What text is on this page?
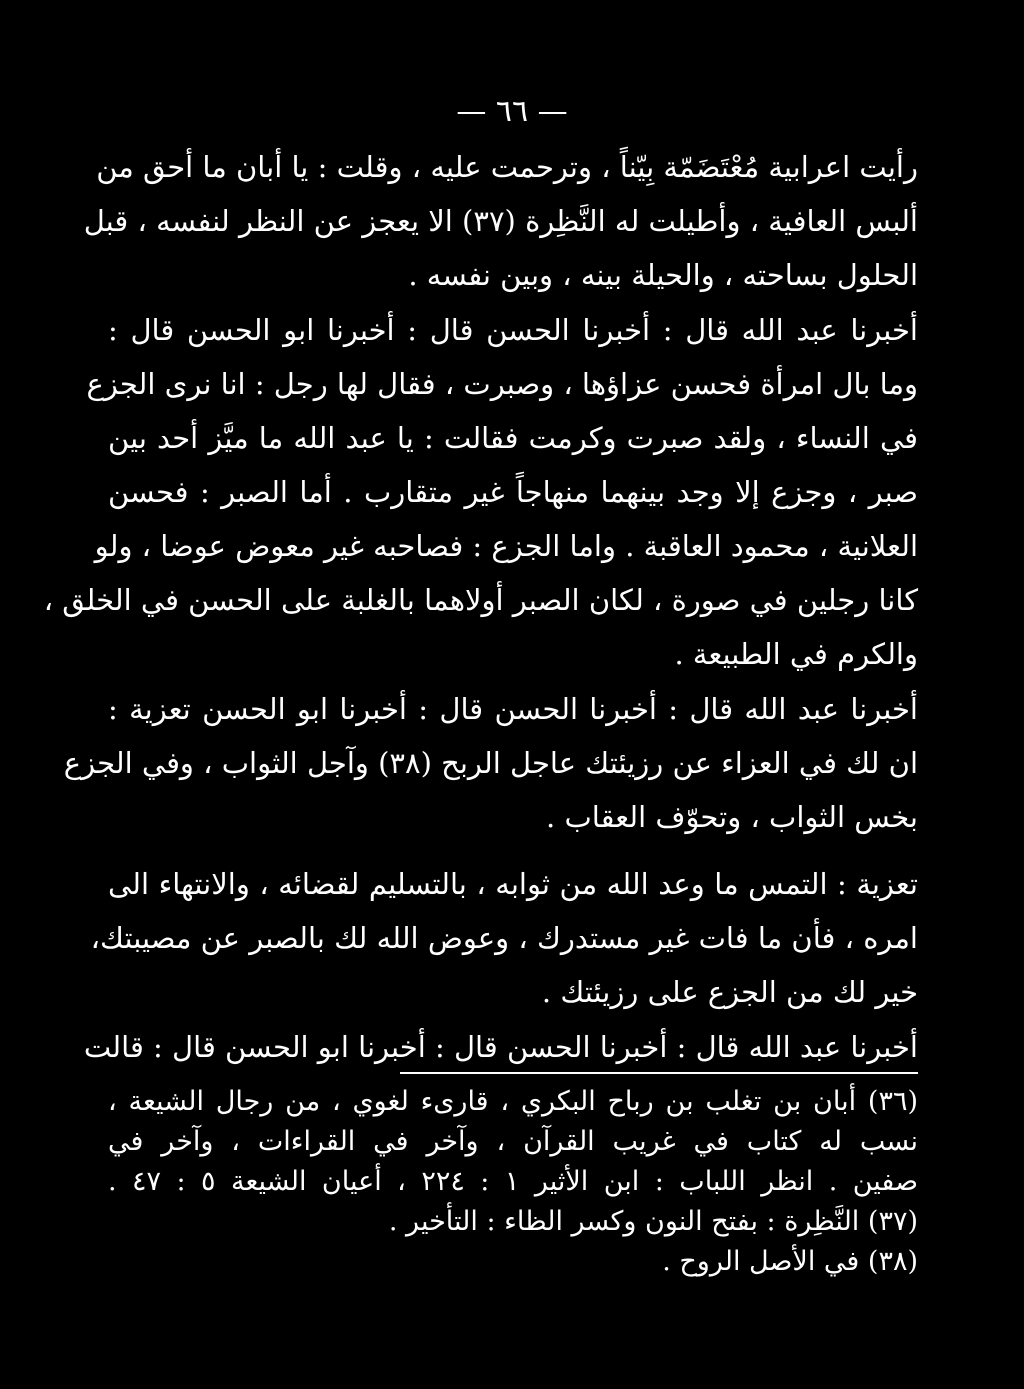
— ٦٦ —
رأيت اعرابية مُعْتَضَمّة بِيّناً ، وترحمت عليه ، وقلت : يا أبان ما أحق من
ألبس العافية ، وأطيلت له النَّظِرة (٣٧) الا يعجز عن النظر لنفسه ، قبل
الحلول بساحته ، والحيلة بينه ، وبين نفسه .
أخبرنا عبد الله قال : أخبرنا الحسن قال : أخبرنا ابو الحسن قال :
وما بال امرأة فحسن عزاؤها ، وصبرت ، فقال لها رجل : انا نرى الجزع
في النساء ، ولقد صبرت وكرمت فقالت : يا عبد الله ما ميَّز أحد بين
صبر ، وجزع إلا وجد بينهما منهاجاً غير متقارب . أما الصبر : فحسن
العلانية ، محمود العاقبة . واما الجزع : فصاحبه غير معوض عوضا ، ولو
كانا رجلين في صورة ، لكان الصبر أولاهما بالغلبة على الحسن في الخلق ،
والكرم في الطبيعة .
أخبرنا عبد الله قال : أخبرنا الحسن قال : أخبرنا ابو الحسن تعزية :
ان لك في العزاء عن رزيئتك عاجل الربح (٣٨) وآجل الثواب ، وفي الجزع
بخس الثواب ، وتحوّف العقاب .
تعزية : التمس ما وعد الله من ثوابه ، بالتسليم لقضائه ، والانتهاء الى
امره ، فأن ما فات غير مستدرك ، وعوض الله لك بالصبر عن مصيبتك،
خير لك من الجزع على رزيئتك .
أخبرنا عبد الله قال : أخبرنا الحسن قال : أخبرنا ابو الحسن قال : قالت
(٣٦) أبان بن تغلب بن رباح البكري ، قارىء لغوي ، من رجال الشيعة ،
نسب له كتاب في غريب القرآن ، وآخر في القراءات ، وآخر في
صفين . انظر اللباب : ابن الأثير ١ : ٢٢٤ ، أعيان الشيعة ٥ : ٤٧ .
(٣٧) النَّظِرة : بفتح النون وكسر الظاء : التأخير .
(٣٨) في الأصل الروح .
